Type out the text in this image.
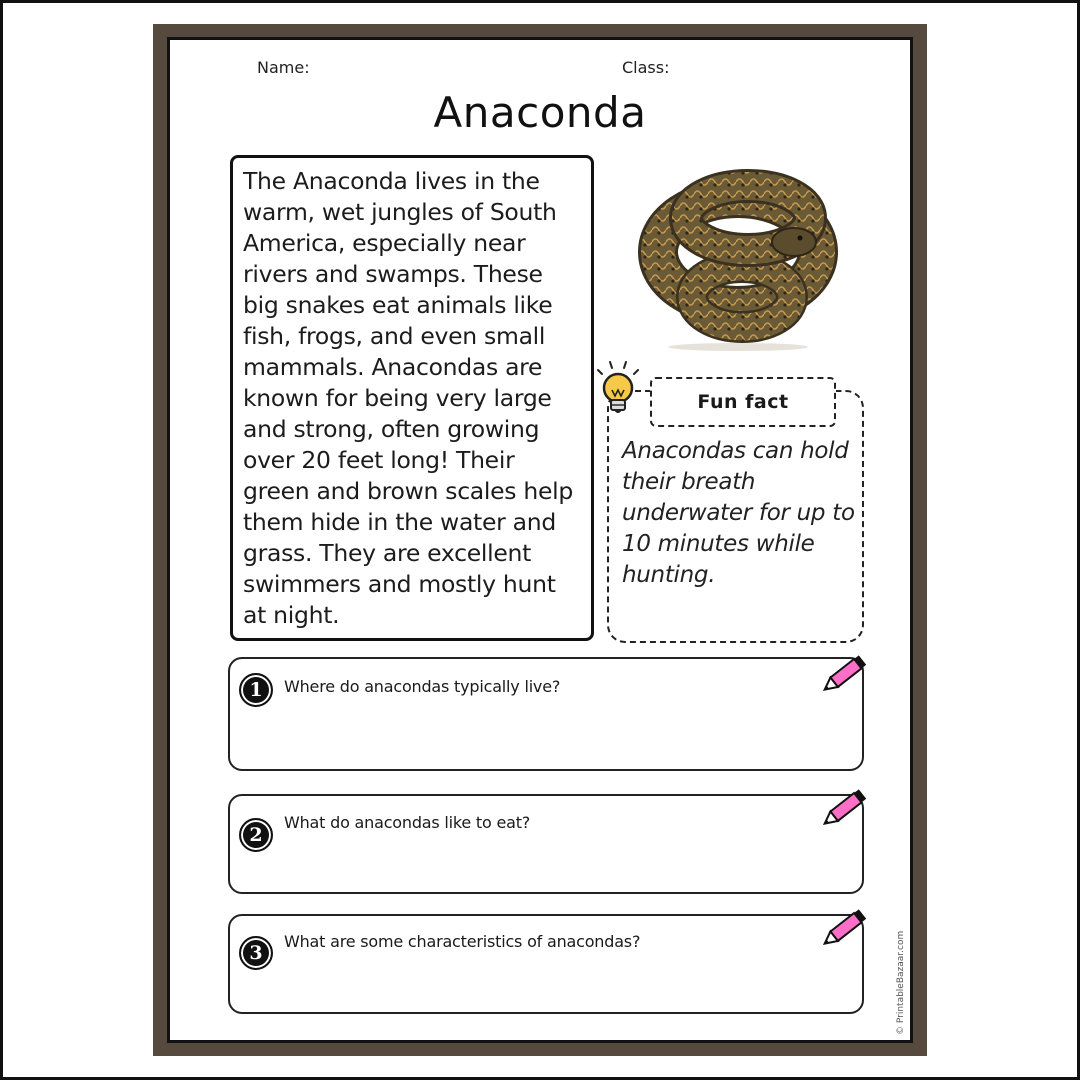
Name:	Class:
Anaconda
The Anaconda lives in the warm, wet jungles of South America, especially near rivers and swamps. These big snakes eat animals like fish, frogs, and even small mammals. Anacondas are known for being very large and strong, often growing over 20 feet long! Their green and brown scales help them hide in the water and grass. They are excellent swimmers and mostly hunt at night.
Fun fact
Anacondas can hold their breath underwater for up to 10 minutes while hunting.
1	Where do anacondas typically live?
2
What do anacondas like to eat?
3
What are some characteristics of anacondas?	© PrintableBazaar.com
